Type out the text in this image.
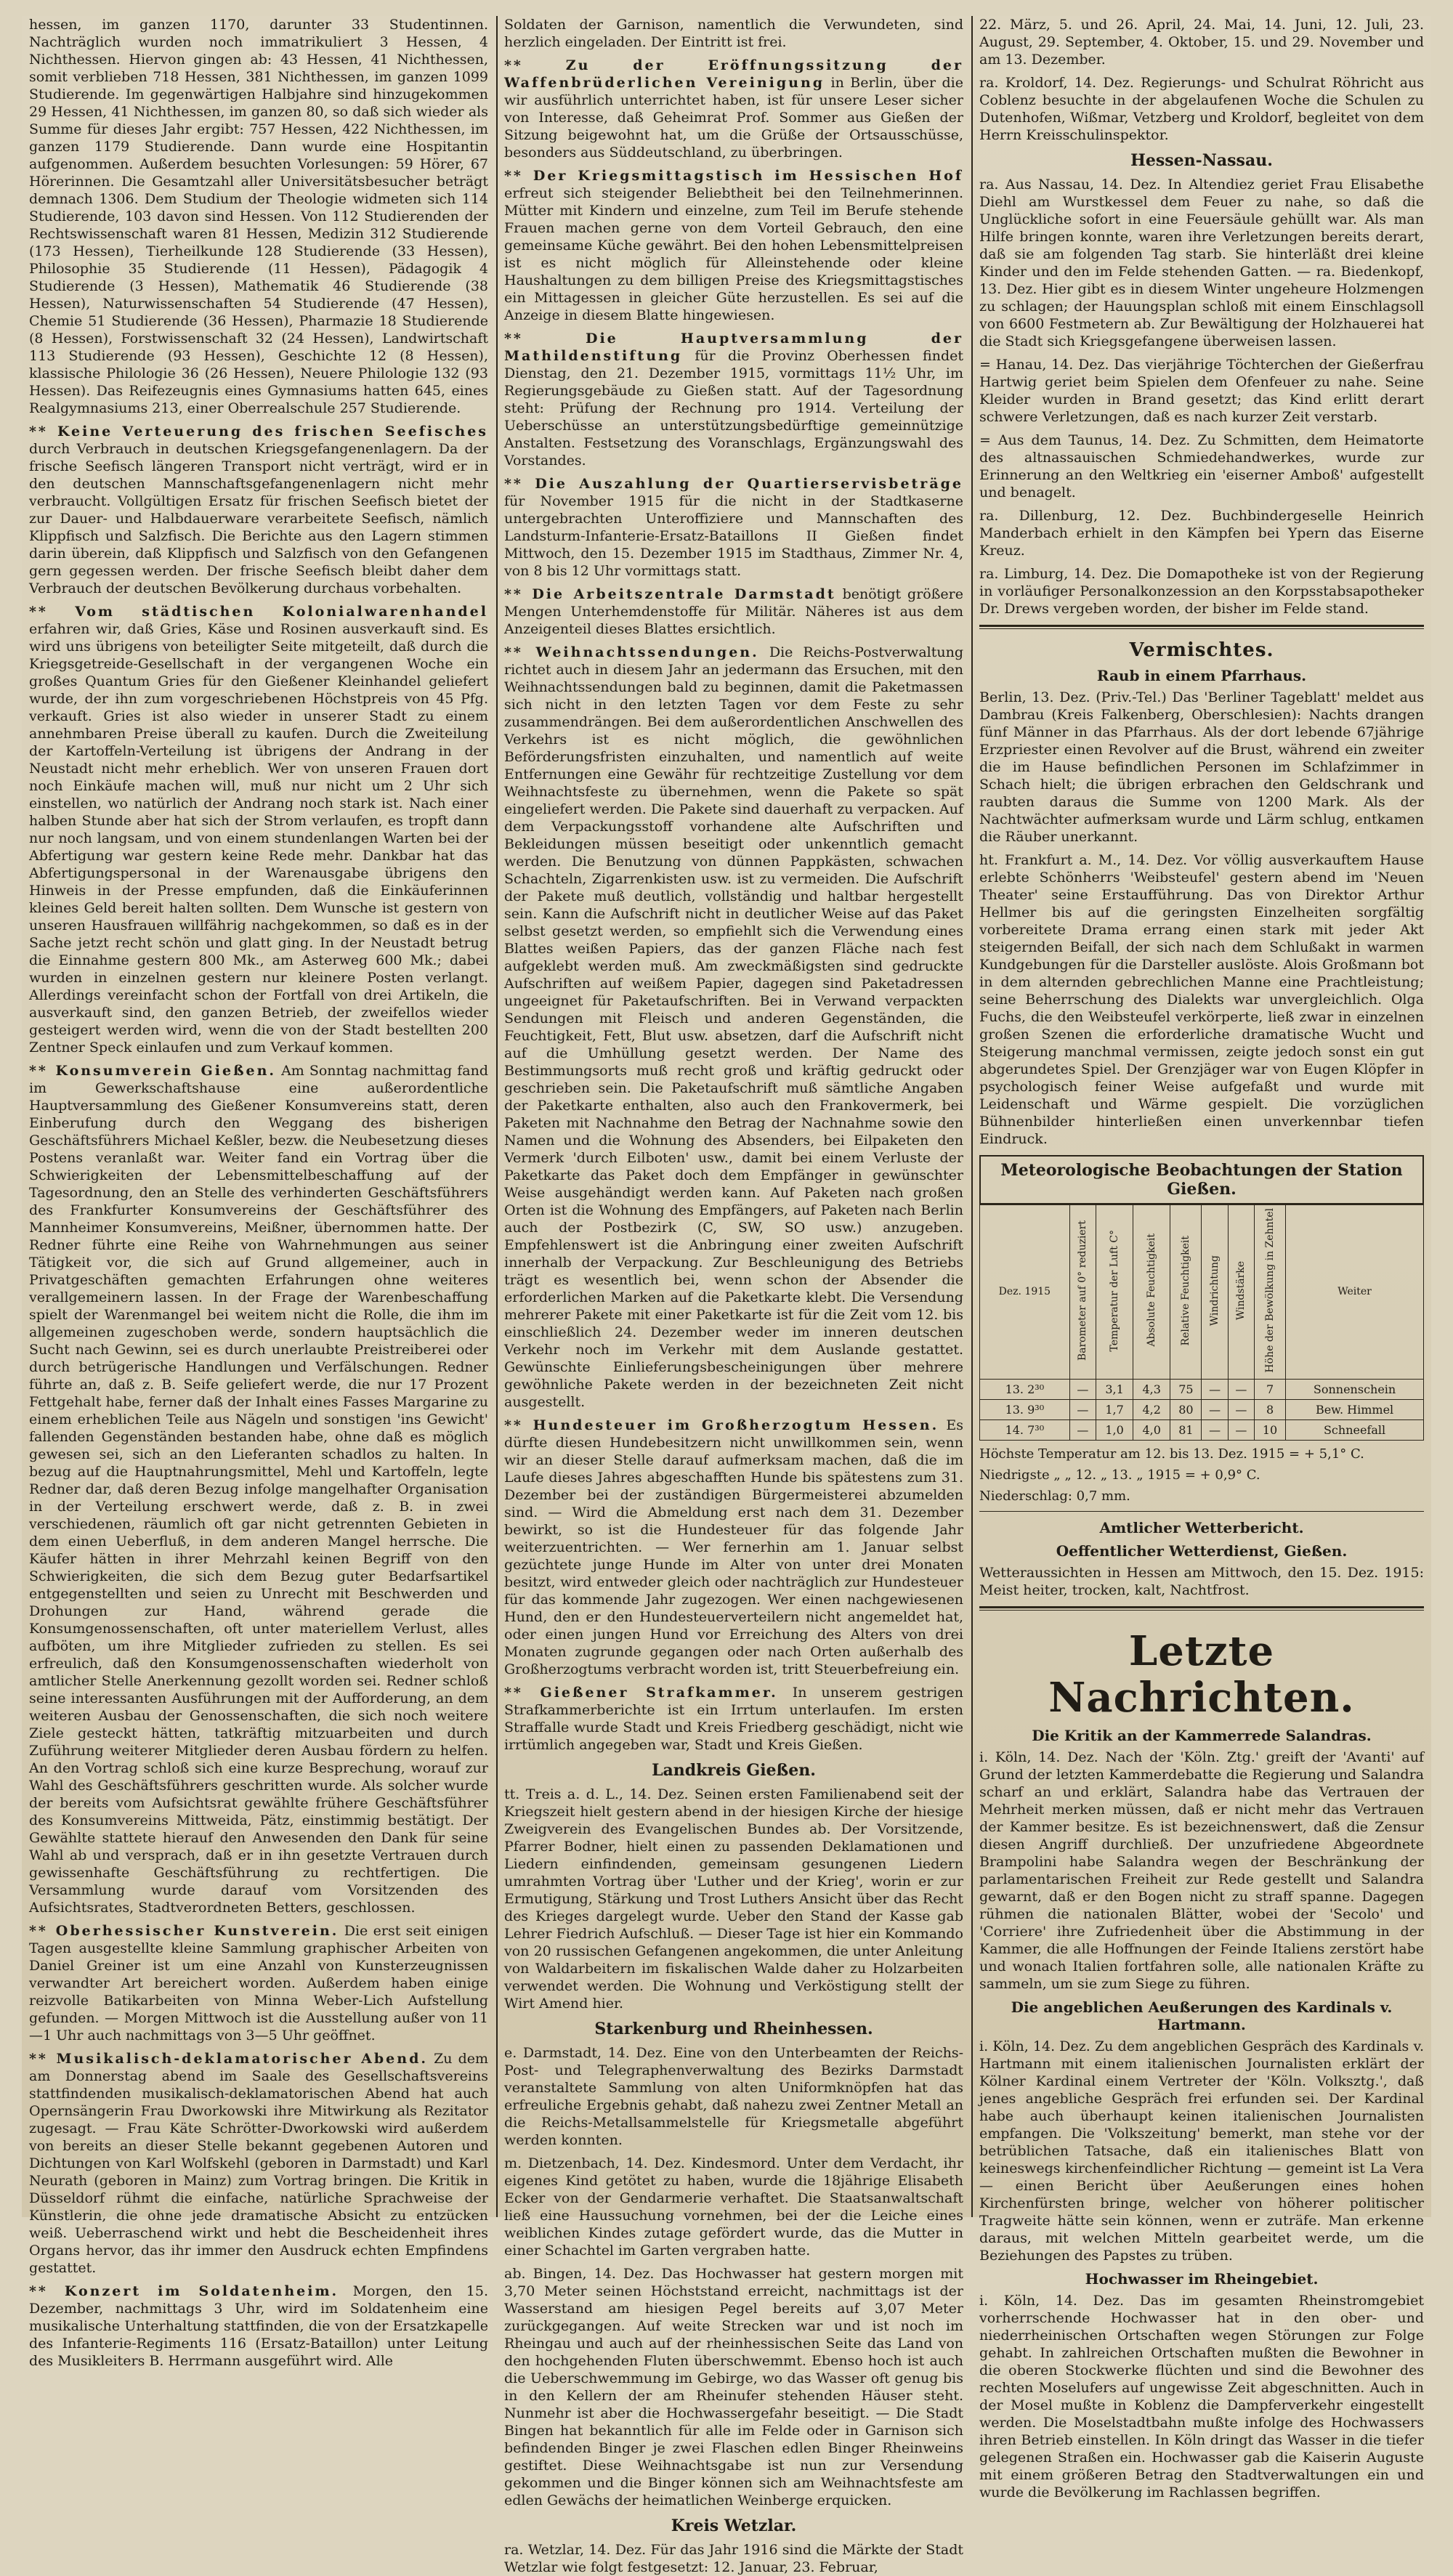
hessen, im ganzen 1170, darunter 33 Studentinnen. Nachträglich wurden noch immatrikuliert 3 Hessen, 4 Nichthessen. Hiervon gingen ab: 43 Hessen, 41 Nichthessen, somit verblieben 718 Hessen, 381 Nichthessen, im ganzen 1099 Studierende. Im gegenwärtigen Halbjahre sind hinzugekommen 29 Hessen, 41 Nichthessen, im ganzen 80, so daß sich wieder als Summe für dieses Jahr ergibt: 757 Hessen, 422 Nichthessen, im ganzen 1179 Studierende. Dann wurde eine Hospitantin aufgenommen. Außerdem besuchten Vorlesungen: 59 Hörer, 67 Hörerinnen. Die Gesamtzahl aller Universitätsbesucher beträgt demnach 1306. Dem Studium der Theologie widmeten sich 114 Studierende, 103 davon sind Hessen. Von 112 Studierenden der Rechtswissenschaft waren 81 Hessen, Medizin 312 Studierende (173 Hessen), Tierheilkunde 128 Studierende (33 Hessen), Philosophie 35 Studierende (11 Hessen), Pädagogik 4 Studierende (3 Hessen), Mathematik 46 Studierende (38 Hessen), Naturwissenschaften 54 Studierende (47 Hessen), Chemie 51 Studierende (36 Hessen), Pharmazie 18 Studierende (8 Hessen), Forstwissenschaft 32 (24 Hessen), Landwirtschaft 113 Studierende (93 Hessen), Geschichte 12 (8 Hessen), klassische Philologie 36 (26 Hessen), Neuere Philologie 132 (93 Hessen). Das Reifezeugnis eines Gymnasiums hatten 645, eines Realgymnasiums 213, einer Oberrealschule 257 Studierende.

** Keine Verteuerung des frischen Seefisches durch Verbrauch in deutschen Kriegsgefangenenlagern. Da der frische Seefisch längeren Transport nicht verträgt, wird er in den deutschen Mannschaftsgefangenenlagern nicht mehr verbraucht. Vollgültigen Ersatz für frischen Seefisch bietet der zur Dauer- und Halbdauerware verarbeitete Seefisch, nämlich Klippfisch und Salzfisch. Die Berichte aus den Lagern stimmen darin überein, daß Klippfisch und Salzfisch von den Gefangenen gern gegessen werden. Der frische Seefisch bleibt daher dem Verbrauch der deutschen Bevölkerung durchaus vorbehalten.

** Vom städtischen Kolonialwarenhandel erfahren wir, daß Gries, Käse und Rosinen ausverkauft sind. Es wird uns übrigens von beteiligter Seite mitgeteilt, daß durch die Kriegsgetreide-Gesellschaft in der vergangenen Woche ein großes Quantum Gries für den Gießener Kleinhandel geliefert wurde, der ihn zum vorgeschriebenen Höchstpreis von 45 Pfg. verkauft. Gries ist also wieder in unserer Stadt zu einem annehmbaren Preise überall zu kaufen. Durch die Zweiteilung der Kartoffeln-Verteilung ist übrigens der Andrang in der Neustadt nicht mehr erheblich. Wer von unseren Frauen dort noch Einkäufe machen will, muß nur nicht um 2 Uhr sich einstellen, wo natürlich der Andrang noch stark ist. Nach einer halben Stunde aber hat sich der Strom verlaufen, es tropft dann nur noch langsam, und von einem stundenlangen Warten bei der Abfertigung war gestern keine Rede mehr. Dankbar hat das Abfertigungspersonal in der Warenausgabe übrigens den Hinweis in der Presse empfunden, daß die Einkäuferinnen kleines Geld bereit halten sollten. Dem Wunsche ist gestern von unseren Hausfrauen willfährig nachgekommen, so daß es in der Sache jetzt recht schön und glatt ging. In der Neustadt betrug die Einnahme gestern 800 Mk., am Asterweg 600 Mk.; dabei wurden in einzelnen gestern nur kleinere Posten verlangt. Allerdings vereinfacht schon der Fortfall von drei Artikeln, die ausverkauft sind, den ganzen Betrieb, der zweifellos wieder gesteigert werden wird, wenn die von der Stadt bestellten 200 Zentner Speck einlaufen und zum Verkauf kommen.

** Konsumverein Gießen. Am Sonntag nachmittag fand im Gewerkschaftshause eine außerordentliche Hauptversammlung des Gießener Konsumvereins statt, deren Einberufung durch den Weggang des bisherigen Geschäftsführers Michael Keßler, bezw. die Neubesetzung dieses Postens veranlaßt war. Weiter fand ein Vortrag über die Schwierigkeiten der Lebensmittelbeschaffung auf der Tagesordnung, den an Stelle des verhinderten Geschäftsführers des Frankfurter Konsumvereins der Geschäftsführer des Mannheimer Konsumvereins, Meißner, übernommen hatte. Der Redner führte eine Reihe von Wahrnehmungen aus seiner Tätigkeit vor, die sich auf Grund allgemeiner, auch in Privatgeschäften gemachten Erfahrungen ohne weiteres verallgemeinern lassen. In der Frage der Warenbeschaffung spielt der Warenmangel bei weitem nicht die Rolle, die ihm im allgemeinen zugeschoben werde, sondern hauptsächlich die Sucht nach Gewinn, sei es durch unerlaubte Preistreiberei oder durch betrügerische Handlungen und Verfälschungen. Redner führte an, daß z. B. Seife geliefert werde, die nur 17 Prozent Fettgehalt habe, ferner daß der Inhalt eines Fasses Margarine zu einem erheblichen Teile aus Nägeln und sonstigen 'ins Gewicht' fallenden Gegenständen bestanden habe, ohne daß es möglich gewesen sei, sich an den Lieferanten schadlos zu halten. In bezug auf die Hauptnahrungsmittel, Mehl und Kartoffeln, legte Redner dar, daß deren Bezug infolge mangelhafter Organisation in der Verteilung erschwert werde, daß z. B. in zwei verschiedenen, räumlich oft gar nicht getrennten Gebieten in dem einen Ueberfluß, in dem anderen Mangel herrsche. Die Käufer hätten in ihrer Mehrzahl keinen Begriff von den Schwierigkeiten, die sich dem Bezug guter Bedarfsartikel entgegenstellten und seien zu Unrecht mit Beschwerden und Drohungen zur Hand, während gerade die Konsumgenossenschaften, oft unter materiellem Verlust, alles aufböten, um ihre Mitglieder zufrieden zu stellen. Es sei erfreulich, daß den Konsumgenossenschaften wiederholt von amtlicher Stelle Anerkennung gezollt worden sei. Redner schloß seine interessanten Ausführungen mit der Aufforderung, an dem weiteren Ausbau der Genossenschaften, die sich noch weitere Ziele gesteckt hätten, tatkräftig mitzuarbeiten und durch Zuführung weiterer Mitglieder deren Ausbau fördern zu helfen. An den Vortrag schloß sich eine kurze Besprechung, worauf zur Wahl des Geschäftsführers geschritten wurde. Als solcher wurde der bereits vom Aufsichtsrat gewählte frühere Geschäftsführer des Konsumvereins Mittweida, Pätz, einstimmig bestätigt. Der Gewählte stattete hierauf den Anwesenden den Dank für seine Wahl ab und versprach, daß er in ihn gesetzte Vertrauen durch gewissenhafte Geschäftsführung zu rechtfertigen. Die Versammlung wurde darauf vom Vorsitzenden des Aufsichtsrates, Stadtverordneten Betters, geschlossen.

** Oberhessischer Kunstverein. Die erst seit einigen Tagen ausgestellte kleine Sammlung graphischer Arbeiten von Daniel Greiner ist um eine Anzahl von Kunsterzeugnissen verwandter Art bereichert worden. Außerdem haben einige reizvolle Batikarbeiten von Minna Weber-Lich Aufstellung gefunden. — Morgen Mittwoch ist die Ausstellung außer von 11—1 Uhr auch nachmittags von 3—5 Uhr geöffnet.

** Musikalisch-deklamatorischer Abend. Zu dem am Donnerstag abend im Saale des Gesellschaftsvereins stattfindenden musikalisch-deklamatorischen Abend hat auch Opernsängerin Frau Dworkowski ihre Mitwirkung als Rezitator zugesagt. — Frau Käte Schrötter-Dworkowski wird außerdem von bereits an dieser Stelle bekannt gegebenen Autoren und Dichtungen von Karl Wolfskehl (geboren in Darmstadt) und Karl Neurath (geboren in Mainz) zum Vortrag bringen. Die Kritik in Düsseldorf rühmt die einfache, natürliche Sprachweise der Künstlerin, die ohne jede dramatische Absicht zu entzücken weiß. Ueberraschend wirkt und hebt die Bescheidenheit ihres Organs hervor, das ihr immer den Ausdruck echten Empfindens gestattet.

** Konzert im Soldatenheim. Morgen, den 15. Dezember, nachmittags 3 Uhr, wird im Soldatenheim eine musikalische Unterhaltung stattfinden, die von der Ersatzkapelle des Infanterie-Regiments 116 (Ersatz-Bataillon) unter Leitung des Musikleiters B. Herrmann ausgeführt wird. Alle

Soldaten der Garnison, namentlich die Verwundeten, sind herzlich eingeladen. Der Eintritt ist frei.

** Zu der Eröffnungssitzung der Waffenbrüderlichen Vereinigung in Berlin, über die wir ausführlich unterrichtet haben, ist für unsere Leser sicher von Interesse, daß Geheimrat Prof. Sommer aus Gießen der Sitzung beigewohnt hat, um die Grüße der Ortsausschüsse, besonders aus Süddeutschland, zu überbringen.

** Der Kriegsmittagstisch im Hessischen Hof erfreut sich steigender Beliebtheit bei den Teilnehmerinnen. Mütter mit Kindern und einzelne, zum Teil im Berufe stehende Frauen machen gerne von dem Vorteil Gebrauch, den eine gemeinsame Küche gewährt. Bei den hohen Lebensmittelpreisen ist es nicht möglich für Alleinstehende oder kleine Haushaltungen zu dem billigen Preise des Kriegsmittagstisches ein Mittagessen in gleicher Güte herzustellen. Es sei auf die Anzeige in diesem Blatte hingewiesen.

** Die Hauptversammlung der Mathildenstiftung für die Provinz Oberhessen findet Dienstag, den 21. Dezember 1915, vormittags 11½ Uhr, im Regierungsgebäude zu Gießen statt. Auf der Tagesordnung steht: Prüfung der Rechnung pro 1914. Verteilung der Ueberschüsse an unterstützungsbedürftige gemeinnützige Anstalten. Festsetzung des Voranschlags, Ergänzungswahl des Vorstandes.

** Die Auszahlung der Quartierservisbeträge für November 1915 für die nicht in der Stadtkaserne untergebrachten Unteroffiziere und Mannschaften des Landsturm-Infanterie-Ersatz-Bataillons II Gießen findet Mittwoch, den 15. Dezember 1915 im Stadthaus, Zimmer Nr. 4, von 8 bis 12 Uhr vormittags statt.

** Die Arbeitszentrale Darmstadt benötigt größere Mengen Unterhemdenstoffe für Militär. Näheres ist aus dem Anzeigenteil dieses Blattes ersichtlich.

** Weihnachtssendungen. Die Reichs-Postverwaltung richtet auch in diesem Jahr an jedermann das Ersuchen, mit den Weihnachtssendungen bald zu beginnen, damit die Paketmassen sich nicht in den letzten Tagen vor dem Feste zu sehr zusammendrängen. Bei dem außerordentlichen Anschwellen des Verkehrs ist es nicht möglich, die gewöhnlichen Beförderungsfristen einzuhalten, und namentlich auf weite Entfernungen eine Gewähr für rechtzeitige Zustellung vor dem Weihnachtsfeste zu übernehmen, wenn die Pakete so spät eingeliefert werden. Die Pakete sind dauerhaft zu verpacken. Auf dem Verpackungsstoff vorhandene alte Aufschriften und Bekleidungen müssen beseitigt oder unkenntlich gemacht werden. Die Benutzung von dünnen Pappkästen, schwachen Schachteln, Zigarrenkisten usw. ist zu vermeiden. Die Aufschrift der Pakete muß deutlich, vollständig und haltbar hergestellt sein. Kann die Aufschrift nicht in deutlicher Weise auf das Paket selbst gesetzt werden, so empfiehlt sich die Verwendung eines Blattes weißen Papiers, das der ganzen Fläche nach fest aufgeklebt werden muß. Am zweckmäßigsten sind gedruckte Aufschriften auf weißem Papier, dagegen sind Paketadressen ungeeignet für Paketaufschriften. Bei in Verwand verpackten Sendungen mit Fleisch und anderen Gegenständen, die Feuchtigkeit, Fett, Blut usw. absetzen, darf die Aufschrift nicht auf die Umhüllung gesetzt werden. Der Name des Bestimmungsorts muß recht groß und kräftig gedruckt oder geschrieben sein. Die Paketaufschrift muß sämtliche Angaben der Paketkarte enthalten, also auch den Frankovermerk, bei Paketen mit Nachnahme den Betrag der Nachnahme sowie den Namen und die Wohnung des Absenders, bei Eilpaketen den Vermerk 'durch Eilboten' usw., damit bei einem Verluste der Paketkarte das Paket doch dem Empfänger in gewünschter Weise ausgehändigt werden kann. Auf Paketen nach großen Orten ist die Wohnung des Empfängers, auf Paketen nach Berlin auch der Postbezirk (C, SW, SO usw.) anzugeben. Empfehlenswert ist die Anbringung einer zweiten Aufschrift innerhalb der Verpackung. Zur Beschleunigung des Betriebs trägt es wesentlich bei, wenn schon der Absender die erforderlichen Marken auf die Paketkarte klebt. Die Versendung mehrerer Pakete mit einer Paketkarte ist für die Zeit vom 12. bis einschließlich 24. Dezember weder im inneren deutschen Verkehr noch im Verkehr mit dem Auslande gestattet. Gewünschte Einlieferungsbescheinigungen über mehrere gewöhnliche Pakete werden in der bezeichneten Zeit nicht ausgestellt.

** Hundesteuer im Großherzogtum Hessen. Es dürfte diesen Hundebesitzern nicht unwillkommen sein, wenn wir an dieser Stelle darauf aufmerksam machen, daß die im Laufe dieses Jahres abgeschafften Hunde bis spätestens zum 31. Dezember bei der zuständigen Bürgermeisterei abzumelden sind. — Wird die Abmeldung erst nach dem 31. Dezember bewirkt, so ist die Hundesteuer für das folgende Jahr weiterzuentrichten. — Wer fernerhin am 1. Januar selbst gezüchtete junge Hunde im Alter von unter drei Monaten besitzt, wird entweder gleich oder nachträglich zur Hundesteuer für das kommende Jahr zugezogen. Wer einen nachgewiesenen Hund, den er den Hundesteuerverteilern nicht angemeldet hat, oder einen jungen Hund vor Erreichung des Alters von drei Monaten zugrunde gegangen oder nach Orten außerhalb des Großherzogtums verbracht worden ist, tritt Steuerbefreiung ein.

** Gießener Strafkammer. In unserem gestrigen Strafkammerberichte ist ein Irrtum unterlaufen. Im ersten Straffalle wurde Stadt und Kreis Friedberg geschädigt, nicht wie irrtümlich angegeben war, Stadt und Kreis Gießen.

Landkreis Gießen.

tt. Treis a. d. L., 14. Dez. Seinen ersten Familienabend seit der Kriegszeit hielt gestern abend in der hiesigen Kirche der hiesige Zweigverein des Evangelischen Bundes ab. Der Vorsitzende, Pfarrer Bodner, hielt einen zu passenden Deklamationen und Liedern einfindenden, gemeinsam gesungenen Liedern umrahmten Vortrag über 'Luther und der Krieg', worin er zur Ermutigung, Stärkung und Trost Luthers Ansicht über das Recht des Krieges dargelegt wurde. Ueber den Stand der Kasse gab Lehrer Fiedrich Aufschluß. — Dieser Tage ist hier ein Kommando von 20 russischen Gefangenen angekommen, die unter Anleitung von Waldarbeitern im fiskalischen Walde daher zu Holzarbeiten verwendet werden. Die Wohnung und Verköstigung stellt der Wirt Amend hier.

Starkenburg und Rheinhessen.

e. Darmstadt, 14. Dez. Eine von den Unterbeamten der Reichs-Post- und Telegraphenverwaltung des Bezirks Darmstadt veranstaltete Sammlung von alten Uniformknöpfen hat das erfreuliche Ergebnis gehabt, daß nahezu zwei Zentner Metall an die Reichs-Metallsammelstelle für Kriegsmetalle abgeführt werden konnten.

m. Dietzenbach, 14. Dez. Kindesmord. Unter dem Verdacht, ihr eigenes Kind getötet zu haben, wurde die 18jährige Elisabeth Ecker von der Gendarmerie verhaftet. Die Staatsanwaltschaft ließ eine Haussuchung vornehmen, bei der die Leiche eines weiblichen Kindes zutage gefördert wurde, das die Mutter in einer Schachtel im Garten vergraben hatte.

ab. Bingen, 14. Dez. Das Hochwasser hat gestern morgen mit 3,70 Meter seinen Höchststand erreicht, nachmittags ist der Wasserstand am hiesigen Pegel bereits auf 3,07 Meter zurückgegangen. Auf weite Strecken war und ist noch im Rheingau und auch auf der rheinhessischen Seite das Land von den hochgehenden Fluten überschwemmt. Ebenso hoch ist auch die Ueberschwemmung im Gebirge, wo das Wasser oft genug bis in den Kellern der am Rheinufer stehenden Häuser steht. Nunmehr ist aber die Hochwassergefahr beseitigt. — Die Stadt Bingen hat bekanntlich für alle im Felde oder in Garnison sich befindenden Binger je zwei Flaschen edlen Binger Rheinweins gestiftet. Diese Weihnachtsgabe ist nun zur Versendung gekommen und die Binger können sich am Weihnachtsfeste am edlen Gewächs der heimatlichen Weinberge erquicken.

Kreis Wetzlar.

ra. Wetzlar, 14. Dez. Für das Jahr 1916 sind die Märkte der Stadt Wetzlar wie folgt festgesetzt: 12. Januar, 23. Februar,

22. März, 5. und 26. April, 24. Mai, 14. Juni, 12. Juli, 23. August, 29. September, 4. Oktober, 15. und 29. November und am 13. Dezember.

ra. Kroldorf, 14. Dez. Regierungs- und Schulrat Röhricht aus Coblenz besuchte in der abgelaufenen Woche die Schulen zu Dutenhofen, Wißmar, Vetzberg und Kroldorf, begleitet von dem Herrn Kreisschulinspektor.

Hessen-Nassau.

ra. Aus Nassau, 14. Dez. In Altendiez geriet Frau Elisabethe Diehl am Wurstkessel dem Feuer zu nahe, so daß die Unglückliche sofort in eine Feuersäule gehüllt war. Als man Hilfe bringen konnte, waren ihre Verletzungen bereits derart, daß sie am folgenden Tag starb. Sie hinterläßt drei kleine Kinder und den im Felde stehenden Gatten. — ra. Biedenkopf, 13. Dez. Hier gibt es in diesem Winter ungeheure Holzmengen zu schlagen; der Hauungsplan schloß mit einem Einschlagsoll von 6600 Festmetern ab. Zur Bewältigung der Holzhauerei hat die Stadt sich Kriegsgefangene überweisen lassen.

= Hanau, 14. Dez. Das vierjährige Töchterchen der Gießerfrau Hartwig geriet beim Spielen dem Ofenfeuer zu nahe. Seine Kleider wurden in Brand gesetzt; das Kind erlitt derart schwere Verletzungen, daß es nach kurzer Zeit verstarb.

= Aus dem Taunus, 14. Dez. Zu Schmitten, dem Heimatorte des altnassauischen Schmiedehandwerkes, wurde zur Erinnerung an den Weltkrieg ein 'eiserner Amboß' aufgestellt und benagelt.

ra. Dillenburg, 12. Dez. Buchbindergeselle Heinrich Manderbach erhielt in den Kämpfen bei Ypern das Eiserne Kreuz.

ra. Limburg, 14. Dez. Die Domapotheke ist von der Regierung in vorläufiger Personalkonzession an den Korpsstabsapotheker Dr. Drews vergeben worden, der bisher im Felde stand.

Vermischtes.
Raub in einem Pfarrhaus.

Berlin, 13. Dez. (Priv.-Tel.) Das 'Berliner Tageblatt' meldet aus Dambrau (Kreis Falkenberg, Oberschlesien): Nachts drangen fünf Männer in das Pfarrhaus. Als der dort lebende 67jährige Erzpriester einen Revolver auf die Brust, während ein zweiter die im Hause befindlichen Personen im Schlafzimmer in Schach hielt; die übrigen erbrachen den Geldschrank und raubten daraus die Summe von 1200 Mark. Als der Nachtwächter aufmerksam wurde und Lärm schlug, entkamen die Räuber unerkannt.

ht. Frankfurt a. M., 14. Dez. Vor völlig ausverkauftem Hause erlebte Schönherrs 'Weibsteufel' gestern abend im 'Neuen Theater' seine Erstaufführung. Das von Direktor Arthur Hellmer bis auf die geringsten Einzelheiten sorgfältig vorbereitete Drama errang einen stark mit jeder Akt steigernden Beifall, der sich nach dem Schlußakt in warmen Kundgebungen für die Darsteller auslöste. Alois Großmann bot in dem alternden gebrechlichen Manne eine Prachtleistung; seine Beherrschung des Dialekts war unvergleichlich. Olga Fuchs, die den Weibsteufel verkörperte, ließ zwar in einzelnen großen Szenen die erforderliche dramatische Wucht und Steigerung manchmal vermissen, zeigte jedoch sonst ein gut abgerundetes Spiel. Der Grenzjäger war von Eugen Klöpfer in psychologisch feiner Weise aufgefaßt und wurde mit Leidenschaft und Wärme gespielt. Die vorzüglichen Bühnenbilder hinterließen einen unverkennbar tiefen Eindruck.

Meteorologische Beobachtungen der Station Gießen.
Dez. 1915	Barometer auf 0° reduziert	Temperatur der Luft C°	Absolute Feuchtigkeit	Relative Feuchtigkeit	Windrichtung	Windstärke	Höhe der Bewölkung in Zehntel	Weiter
13. 2³⁰	—	3,1	4,3	75	—	—	7	Sonnenschein
13. 9³⁰	—	1,7	4,2	80	—	—	8	Bew. Himmel
14. 7³⁰	—	1,0	4,0	81	—	—	10	Schneefall
Höchste Temperatur am 12. bis 13. Dez. 1915 = + 5,1° C.
Niedrigste „ „ 12. „ 13. „ 1915 = + 0,9° C.
Niederschlag: 0,7 mm.
Amtlicher Wetterbericht.
Oeffentlicher Wetterdienst, Gießen.

Wetteraussichten in Hessen am Mittwoch, den 15. Dez. 1915: Meist heiter, trocken, kalt, Nachtfrost.

Letzte Nachrichten.
Die Kritik an der Kammerrede Salandras.

i. Köln, 14. Dez. Nach der 'Köln. Ztg.' greift der 'Avanti' auf Grund der letzten Kammerdebatte die Regierung und Salandra scharf an und erklärt, Salandra habe das Vertrauen der Mehrheit merken müssen, daß er nicht mehr das Vertrauen der Kammer besitze. Es ist bezeichnenswert, daß die Zensur diesen Angriff durchließ. Der unzufriedene Abgeordnete Brampolini habe Salandra wegen der Beschränkung der parlamentarischen Freiheit zur Rede gestellt und Salandra gewarnt, daß er den Bogen nicht zu straff spanne. Dagegen rühmen die nationalen Blätter, wobei der 'Secolo' und 'Corriere' ihre Zufriedenheit über die Abstimmung in der Kammer, die alle Hoffnungen der Feinde Italiens zerstört habe und wonach Italien fortfahren solle, alle nationalen Kräfte zu sammeln, um sie zum Siege zu führen.

Die angeblichen Aeußerungen des Kardinals v. Hartmann.

i. Köln, 14. Dez. Zu dem angeblichen Gespräch des Kardinals v. Hartmann mit einem italienischen Journalisten erklärt der Kölner Kardinal einem Vertreter der 'Köln. Volksztg.', daß jenes angebliche Gespräch frei erfunden sei. Der Kardinal habe auch überhaupt keinen italienischen Journalisten empfangen. Die 'Volkszeitung' bemerkt, man stehe vor der betrüblichen Tatsache, daß ein italienisches Blatt von keineswegs kirchenfeindlicher Richtung — gemeint ist La Vera — einen Bericht über Aeußerungen eines hohen Kirchenfürsten bringe, welcher von höherer politischer Tragweite hätte sein können, wenn er zuträfe. Man erkenne daraus, mit welchen Mitteln gearbeitet werde, um die Beziehungen des Papstes zu trüben.

Hochwasser im Rheingebiet.

i. Köln, 14. Dez. Das im gesamten Rheinstromgebiet vorherrschende Hochwasser hat in den ober- und niederrheinischen Ortschaften wegen Störungen zur Folge gehabt. In zahlreichen Ortschaften mußten die Bewohner in die oberen Stockwerke flüchten und sind die Bewohner des rechten Moselufers auf ungewisse Zeit abgeschnitten. Auch in der Mosel mußte in Koblenz die Dampferverkehr eingestellt werden. Die Moselstadtbahn mußte infolge des Hochwassers ihren Betrieb einstellen. In Köln dringt das Wasser in die tiefer gelegenen Straßen ein. Hochwasser gab die Kaiserin Auguste mit einem größeren Betrag den Stadtverwaltungen ein und wurde die Bevölkerung im Rachlassen begriffen.
